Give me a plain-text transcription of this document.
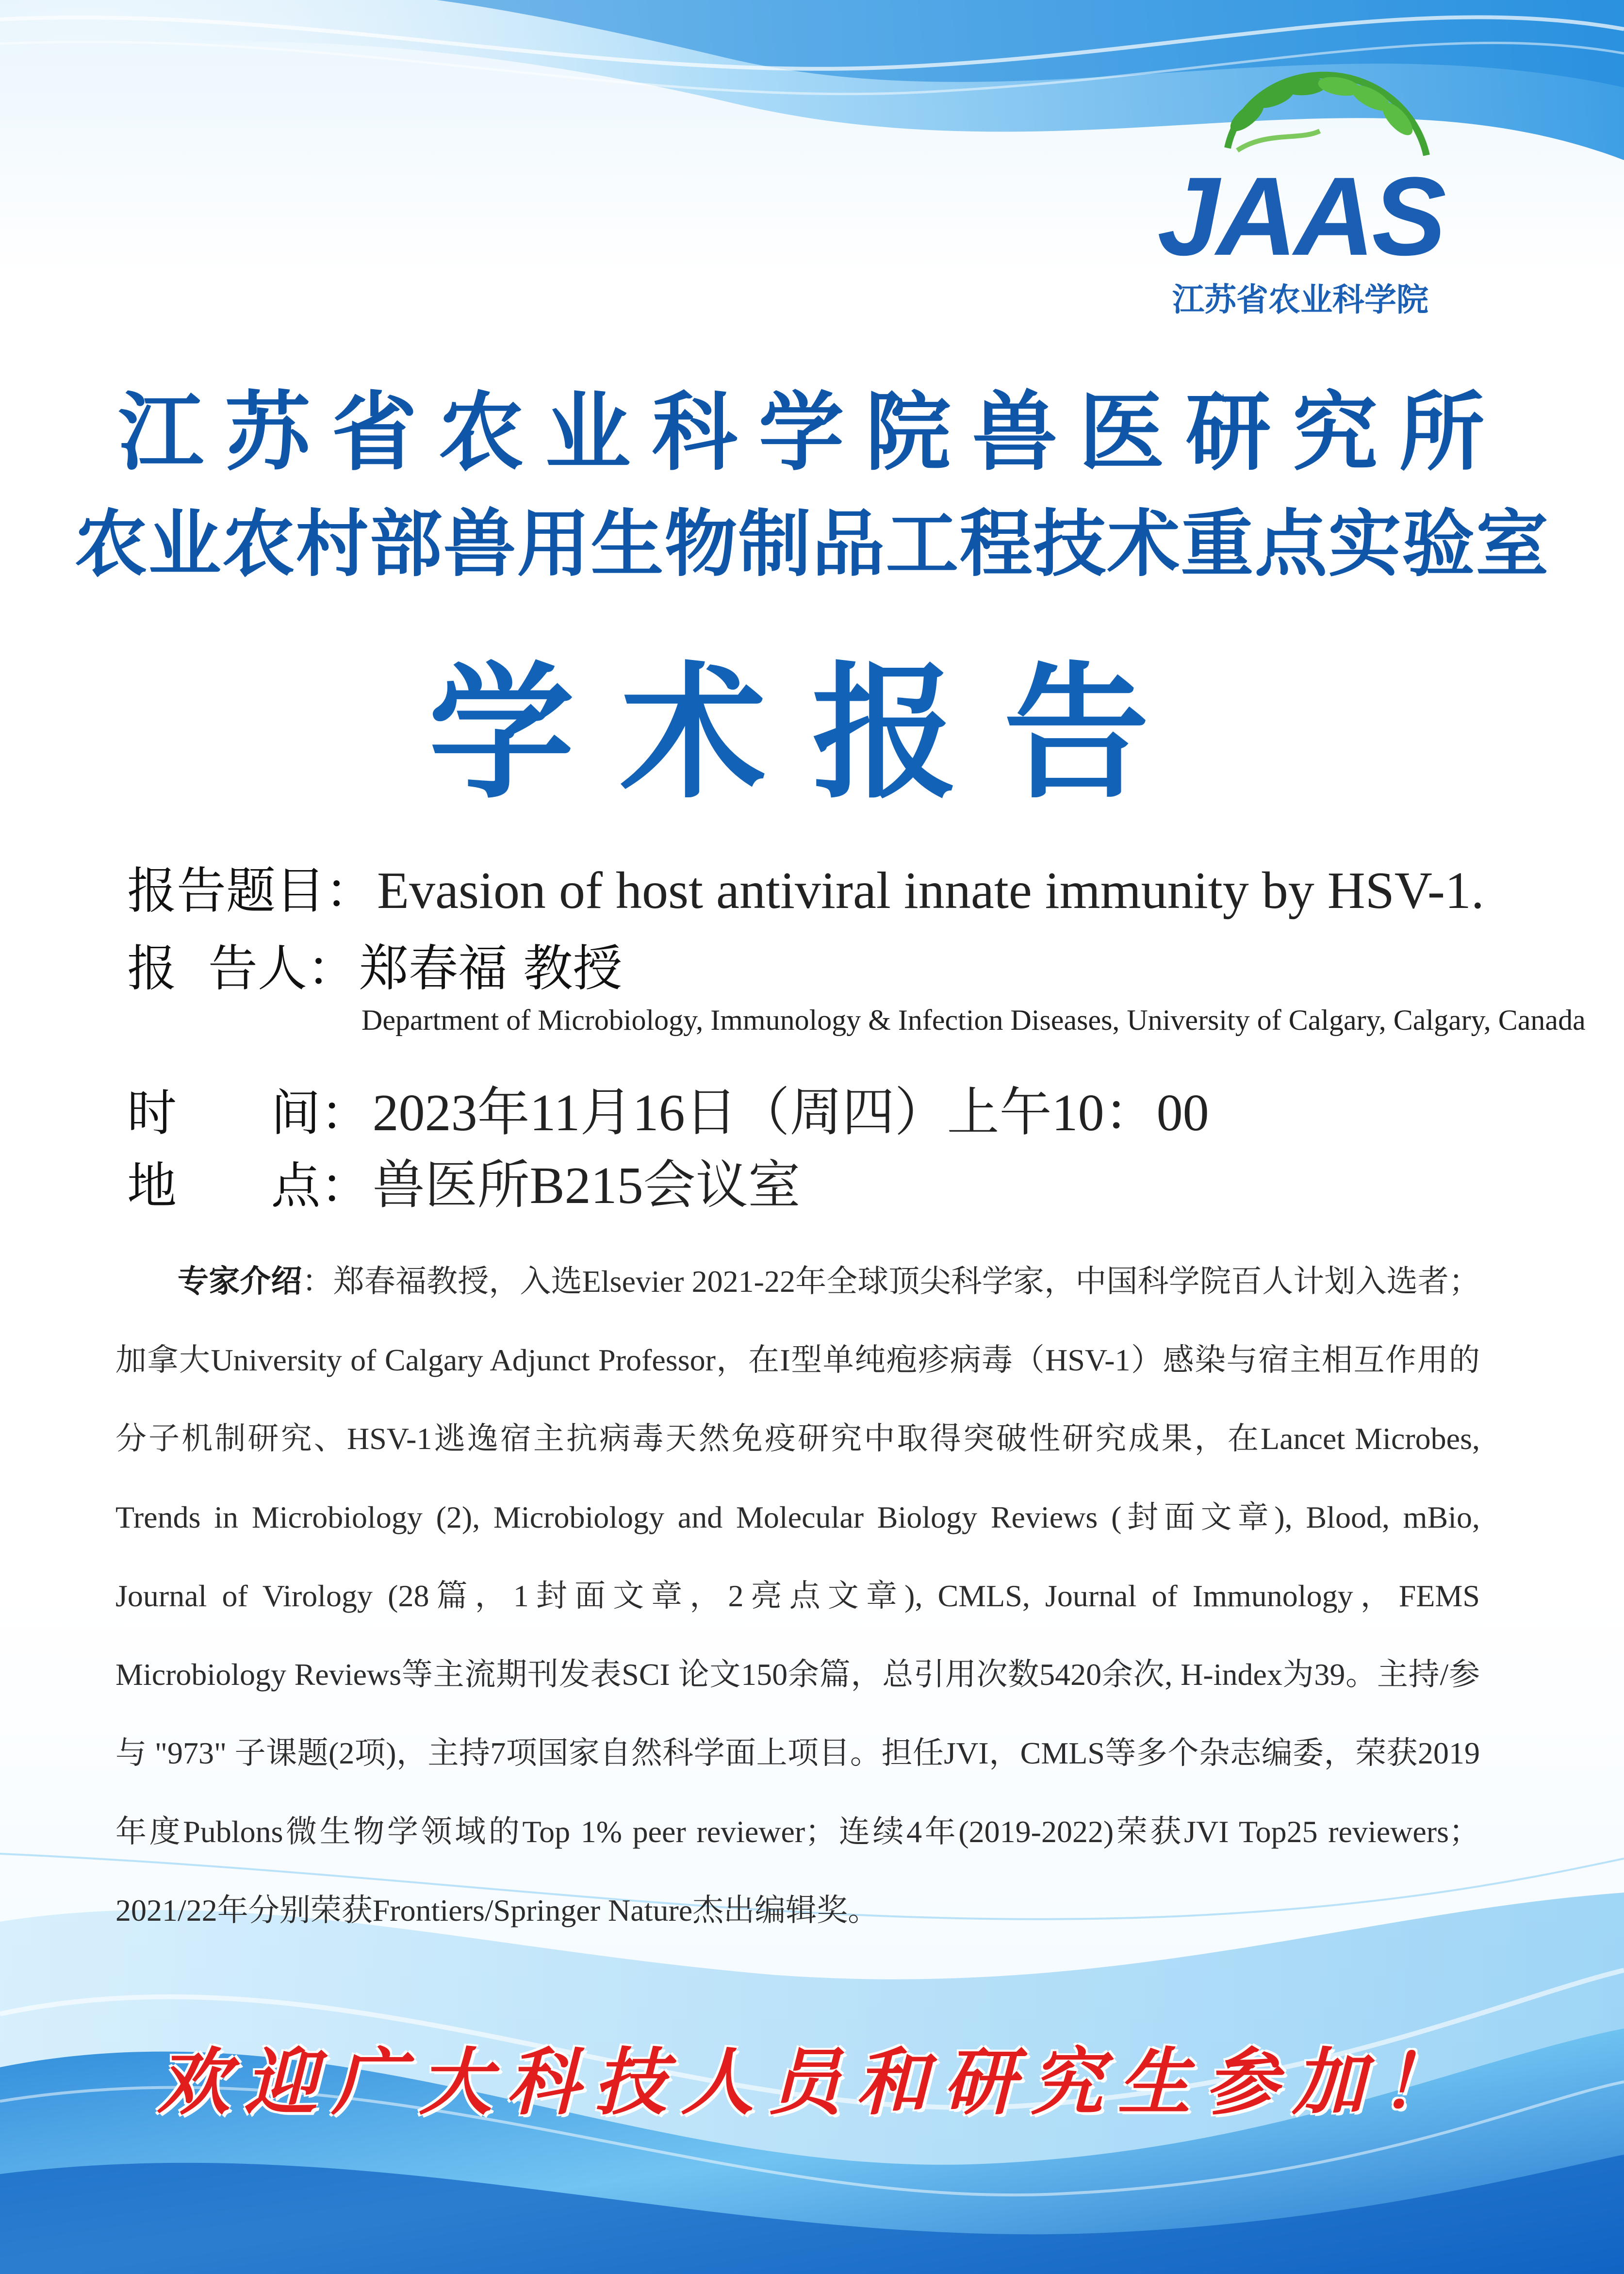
JAAS
江苏省农业科学院
江苏省农业科学院兽医研究所
农业农村部兽用生物制品工程技术重点实验室
学术报告
报告题目： Evasion of host antiviral innate immunity by HSV-1.
报  告人： 郑春福 教授
Department of Microbiology, Immunology & Infection Diseases, University of Calgary, Calgary, Canada
时      间： 2023年11月16日（周四）上午10：00
地      点： 兽医所B215会议室
专家介绍：郑春福教授，入选Elsevier 2021-22年全球顶尖科学家，中国科学院百人计划入选者；加拿大University of Calgary Adjunct Professor，在I型单纯疱疹病毒（HSV-1）感染与宿主相互作用的分子机制研究、HSV-1逃逸宿主抗病毒天然免疫研究中取得突破性研究成果，在Lancet Microbes, Trends in Microbiology (2), Microbiology and Molecular Biology Reviews (封面文章), Blood, mBio, Journal of Virology (28篇，1封面文章，2亮点文章), CMLS, Journal of Immunology，FEMS Microbiology Reviews等主流期刊发表SCI 论文150余篇，总引用次数5420余次, H-index为39。主持/参与 "973" 子课题(2项)，主持7项国家自然科学面上项目。担任JVI，CMLS等多个杂志编委，荣获2019年度Publons微生物学领域的Top 1% peer reviewer；连续4年(2019-2022)荣获JVI Top25 reviewers；2021/22年分别荣获Frontiers/Springer Nature杰出编辑奖。
欢迎广大科技人员和研究生参加！
